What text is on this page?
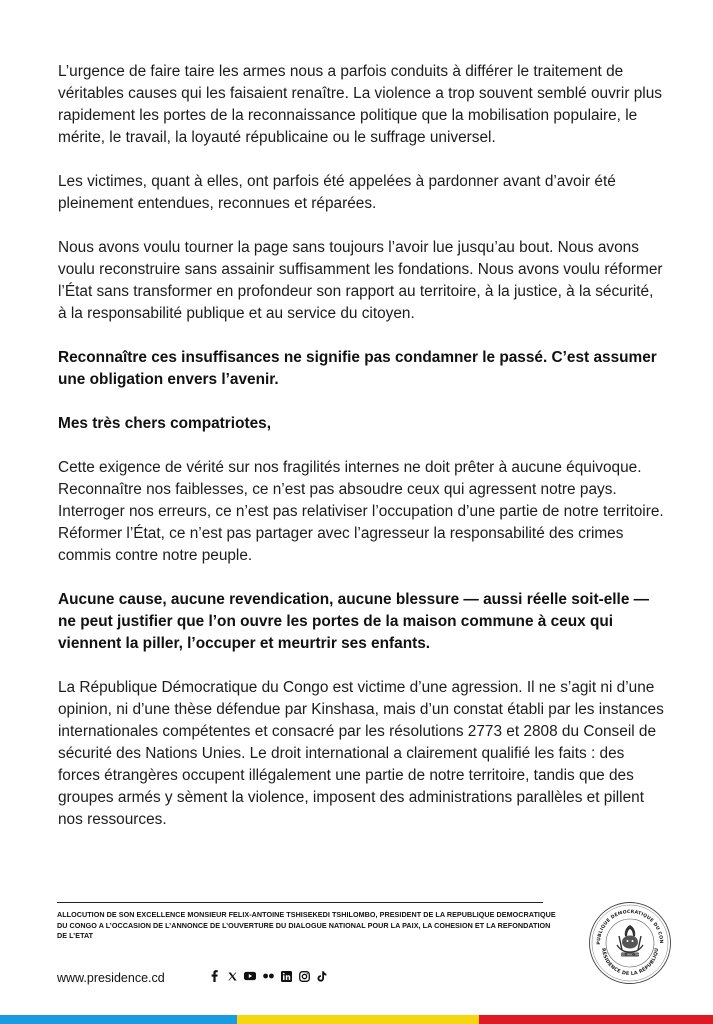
L’urgence de faire taire les armes nous a parfois conduits à différer le traitement de véritables causes qui les faisaient renaître. La violence a trop souvent semblé ouvrir plus rapidement les portes de la reconnaissance politique que la mobilisation populaire, le mérite, le travail, la loyauté républicaine ou le suffrage universel.

Les victimes, quant à elles, ont parfois été appelées à pardonner avant d’avoir été pleinement entendues, reconnues et réparées.

Nous avons voulu tourner la page sans toujours l’avoir lue jusqu’au bout. Nous avons voulu reconstruire sans assainir suffisamment les fondations. Nous avons voulu réformer l’État sans transformer en profondeur son rapport au territoire, à la justice, à la sécurité, à la responsabilité publique et au service du citoyen.

Reconnaître ces insuffisances ne signifie pas condamner le passé. C’est assumer une obligation envers l’avenir.

Mes très chers compatriotes,

Cette exigence de vérité sur nos fragilités internes ne doit prêter à aucune équivoque.

Reconnaître nos faiblesses, ce n’est pas absoudre ceux qui agressent notre pays. Interroger nos erreurs, ce n’est pas relativiser l’occupation d’une partie de notre territoire. Réformer l’État, ce n’est pas partager avec l’agresseur la responsabilité des crimes commis contre notre peuple.

Aucune cause, aucune revendication, aucune blessure — aussi réelle soit-elle — ne peut justifier que l’on ouvre les portes de la maison commune à ceux qui viennent la piller, l’occuper et meurtrir ses enfants.

La République Démocratique du Congo est victime d’une agression. Il ne s’agit ni d’une opinion, ni d’une thèse défendue par Kinshasa, mais d’un constat établi par les instances internationales compétentes et consacré par les résolutions 2773 et 2808 du Conseil de sécurité des Nations Unies. Le droit international a clairement qualifié les faits : des forces étrangères occupent illégalement une partie de notre territoire, tandis que des groupes armés y sèment la violence, imposent des administrations parallèles et pillent nos ressources.

ALLOCUTION DE SON EXCELLENCE MONSIEUR FELIX-ANTOINE TSHISEKEDI TSHILOMBO, PRESIDENT DE LA REPUBLIQUE DEMOCRATIQUE DU CONGO A L’OCCASION DE L’ANNONCE DE L’OUVERTURE DU DIALOGUE NATIONAL POUR LA PAIX, LA COHESION ET LA REFONDATION DE L’ETAT
www.presidence.cd
PUBLIQUE DÉMOCRATIQUE DU CON
RÉSIDENCE DE LA RÉPUBLIQU
JUSTICE · PAIX · TRAVAIL
